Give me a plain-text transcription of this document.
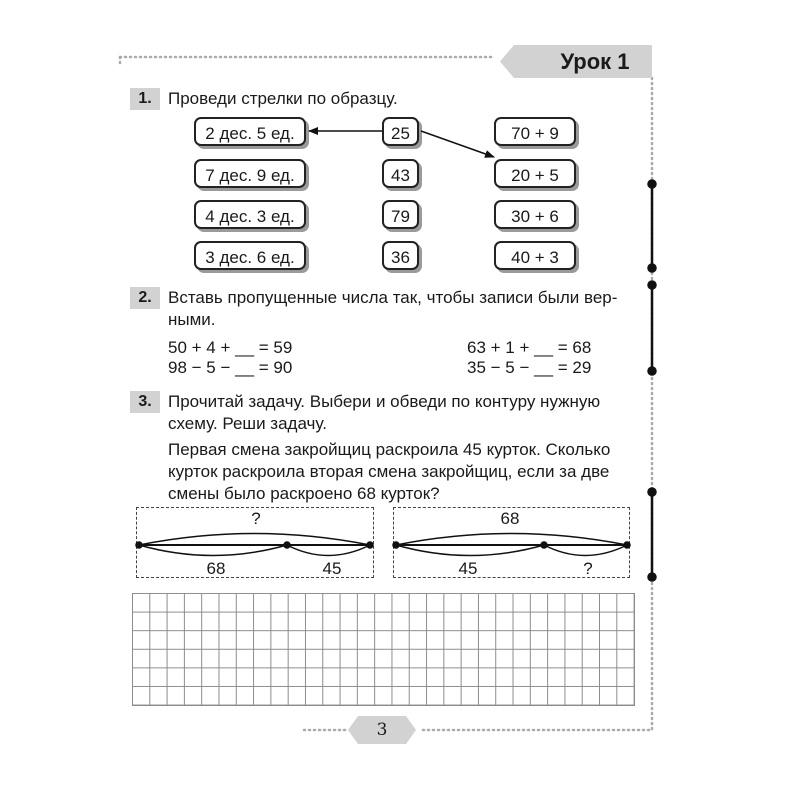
Урок 1
1. Проведи стрелки по образцу.
2 дес. 5 ед.
7 дес. 9 ед.
4 дес. 3 ед.
3 дес. 6 ед.
25
43
79
36
70 + 9
20 + 5
30 + 6
40 + 3
2. Вставь пропущенные числа так, чтобы записи были вер-
ными.
50 + 4 + __ = 59
98 − 5 − __ = 90
63 + 1 + __ = 68
35 − 5 − __ = 29
3. Прочитай задачу. Выбери и обведи по контуру нужную
схему. Реши задачу.
Первая смена закройщиц раскроила 45 курток. Сколько
курток раскроила вторая смена закройщиц, если за две
смены было раскроено 68 курток?
?
68	45
68
45	?
3
